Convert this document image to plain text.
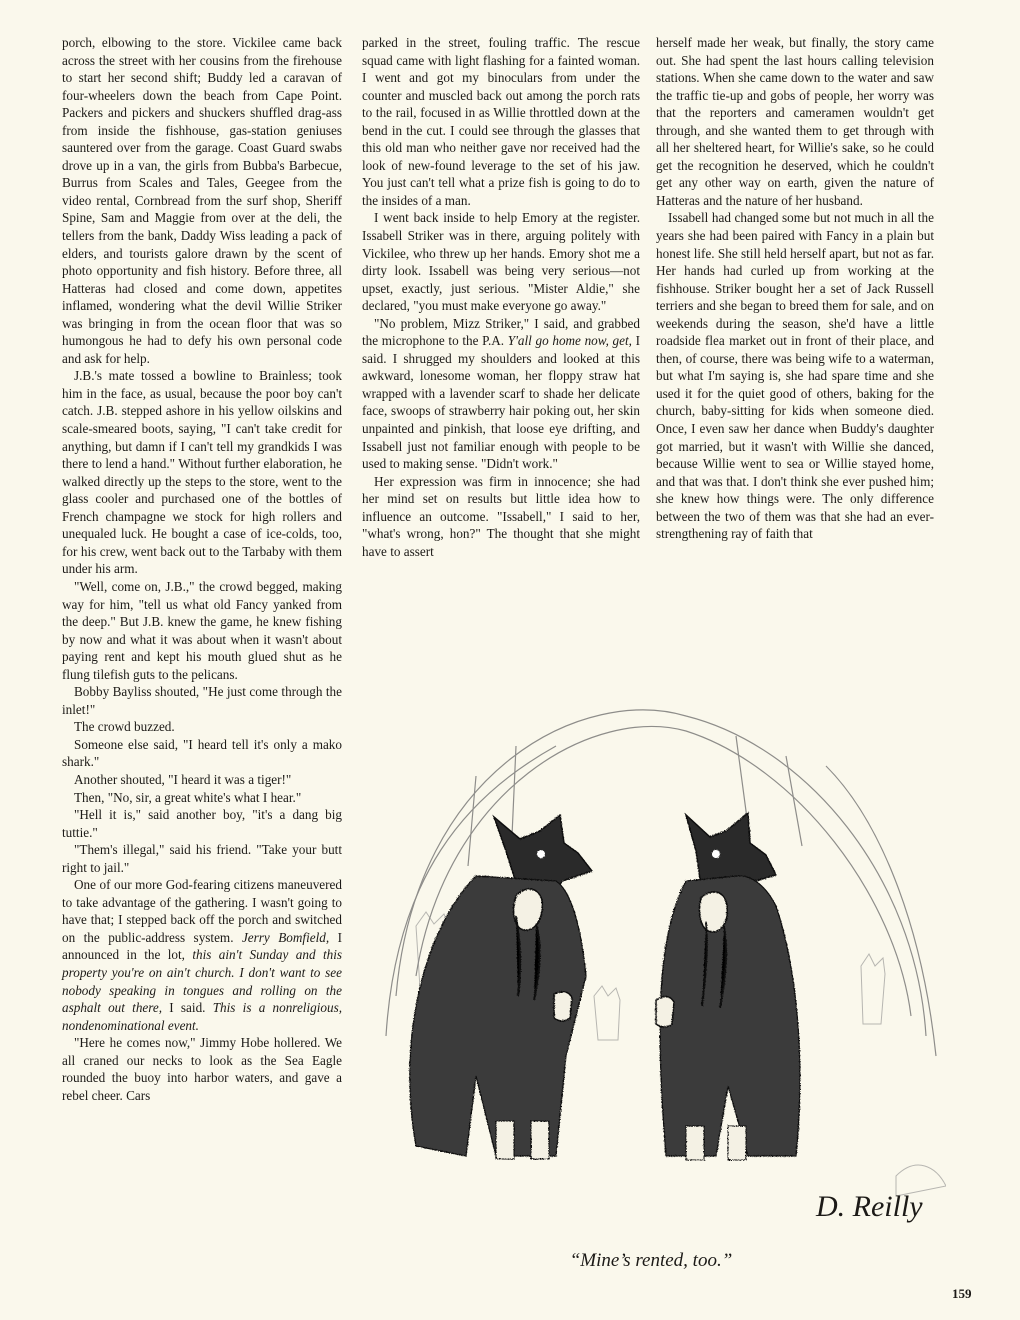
porch, elbowing to the store. Vickilee came back across the street with her cousins from the firehouse to start her second shift; Buddy led a caravan of four-wheelers down the beach from Cape Point. Packers and pickers and shuckers shuffled drag-ass from inside the fishhouse, gas-station geniuses sauntered over from the garage. Coast Guard swabs drove up in a van, the girls from Bubba's Barbecue, Burrus from Scales and Tales, Geegee from the video rental, Cornbread from the surf shop, Sheriff Spine, Sam and Maggie from over at the deli, the tellers from the bank, Daddy Wiss leading a pack of elders, and tourists galore drawn by the scent of photo opportunity and fish history. Before three, all Hatteras had closed and come down, appetites inflamed, wondering what the devil Willie Striker was bringing in from the ocean floor that was so humongous he had to defy his own personal code and ask for help.

J.B.'s mate tossed a bowline to Brainless; took him in the face, as usual, because the poor boy can't catch. J.B. stepped ashore in his yellow oilskins and scale-smeared boots, saying, "I can't take credit for anything, but damn if I can't tell my grandkids I was there to lend a hand." Without further elaboration, he walked directly up the steps to the store, went to the glass cooler and purchased one of the bottles of French champagne we stock for high rollers and unequaled luck. He bought a case of ice-colds, too, for his crew, went back out to the Tarbaby with them under his arm.

"Well, come on, J.B.," the crowd begged, making way for him, "tell us what old Fancy yanked from the deep." But J.B. knew the game, he knew fishing by now and what it was about when it wasn't about paying rent and kept his mouth glued shut as he flung tilefish guts to the pelicans.

Bobby Bayliss shouted, "He just come through the inlet!"

The crowd buzzed.

Someone else said, "I heard tell it's only a mako shark."

Another shouted, "I heard it was a tiger!"

Then, "No, sir, a great white's what I hear."

"Hell it is," said another boy, "it's a dang big tuttie."

"Them's illegal," said his friend. "Take your butt right to jail."

One of our more God-fearing citizens maneuvered to take advantage of the gathering. I wasn't going to have that; I stepped back off the porch and switched on the public-address system. Jerry Bomfield, I announced in the lot, this ain't Sunday and this property you're on ain't church. I don't want to see nobody speaking in tongues and rolling on the asphalt out there, I said. This is a nonreligious, nondenominational event.

"Here he comes now," Jimmy Hobe hollered. We all craned our necks to look as the Sea Eagle rounded the buoy into harbor waters, and gave a rebel cheer. Cars

parked in the street, fouling traffic. The rescue squad came with light flashing for a fainted woman. I went and got my binoculars from under the counter and muscled back out among the porch rats to the rail, focused in as Willie throttled down at the bend in the cut. I could see through the glasses that this old man who neither gave nor received had the look of new-found leverage to the set of his jaw. You just can't tell what a prize fish is going to do to the insides of a man.

I went back inside to help Emory at the register. Issabell Striker was in there, arguing politely with Vickilee, who threw up her hands. Emory shot me a dirty look. Issabell was being very serious—not upset, exactly, just serious. "Mister Aldie," she declared, "you must make everyone go away."

"No problem, Mizz Striker," I said, and grabbed the microphone to the P.A. Y'all go home now, get, I said. I shrugged my shoulders and looked at this awkward, lonesome woman, her floppy straw hat wrapped with a lavender scarf to shade her delicate face, swoops of strawberry hair poking out, her skin unpainted and pinkish, that loose eye drifting, and Issabell just not familiar enough with people to be used to making sense. "Didn't work."

Her expression was firm in innocence; she had her mind set on results but little idea how to influence an outcome. "Issabell," I said to her, "what's wrong, hon?" The thought that she might have to assert

herself made her weak, but finally, the story came out. She had spent the last hours calling television stations. When she came down to the water and saw the traffic tie-up and gobs of people, her worry was that the reporters and cameramen wouldn't get through, and she wanted them to get through with all her sheltered heart, for Willie's sake, so he could get the recognition he deserved, which he couldn't get any other way on earth, given the nature of Hatteras and the nature of her husband.

Issabell had changed some but not much in all the years she had been paired with Fancy in a plain but honest life. She still held herself apart, but not as far. Her hands had curled up from working at the fishhouse. Striker bought her a set of Jack Russell terriers and she began to breed them for sale, and on weekends during the season, she'd have a little roadside flea market out in front of their place, and then, of course, there was being wife to a waterman, but what I'm saying is, she had spare time and she used it for the quiet good of others, baking for the church, baby-sitting for kids when someone died. Once, I even saw her dance when Buddy's daughter got married, but it wasn't with Willie she danced, because Willie went to sea or Willie stayed home, and that was that. I don't think she ever pushed him; she knew how things were. The only difference between the two of them was that she had an ever-strengthening ray of faith that

D. Reilly
“Mine’s rented, too.”
159
